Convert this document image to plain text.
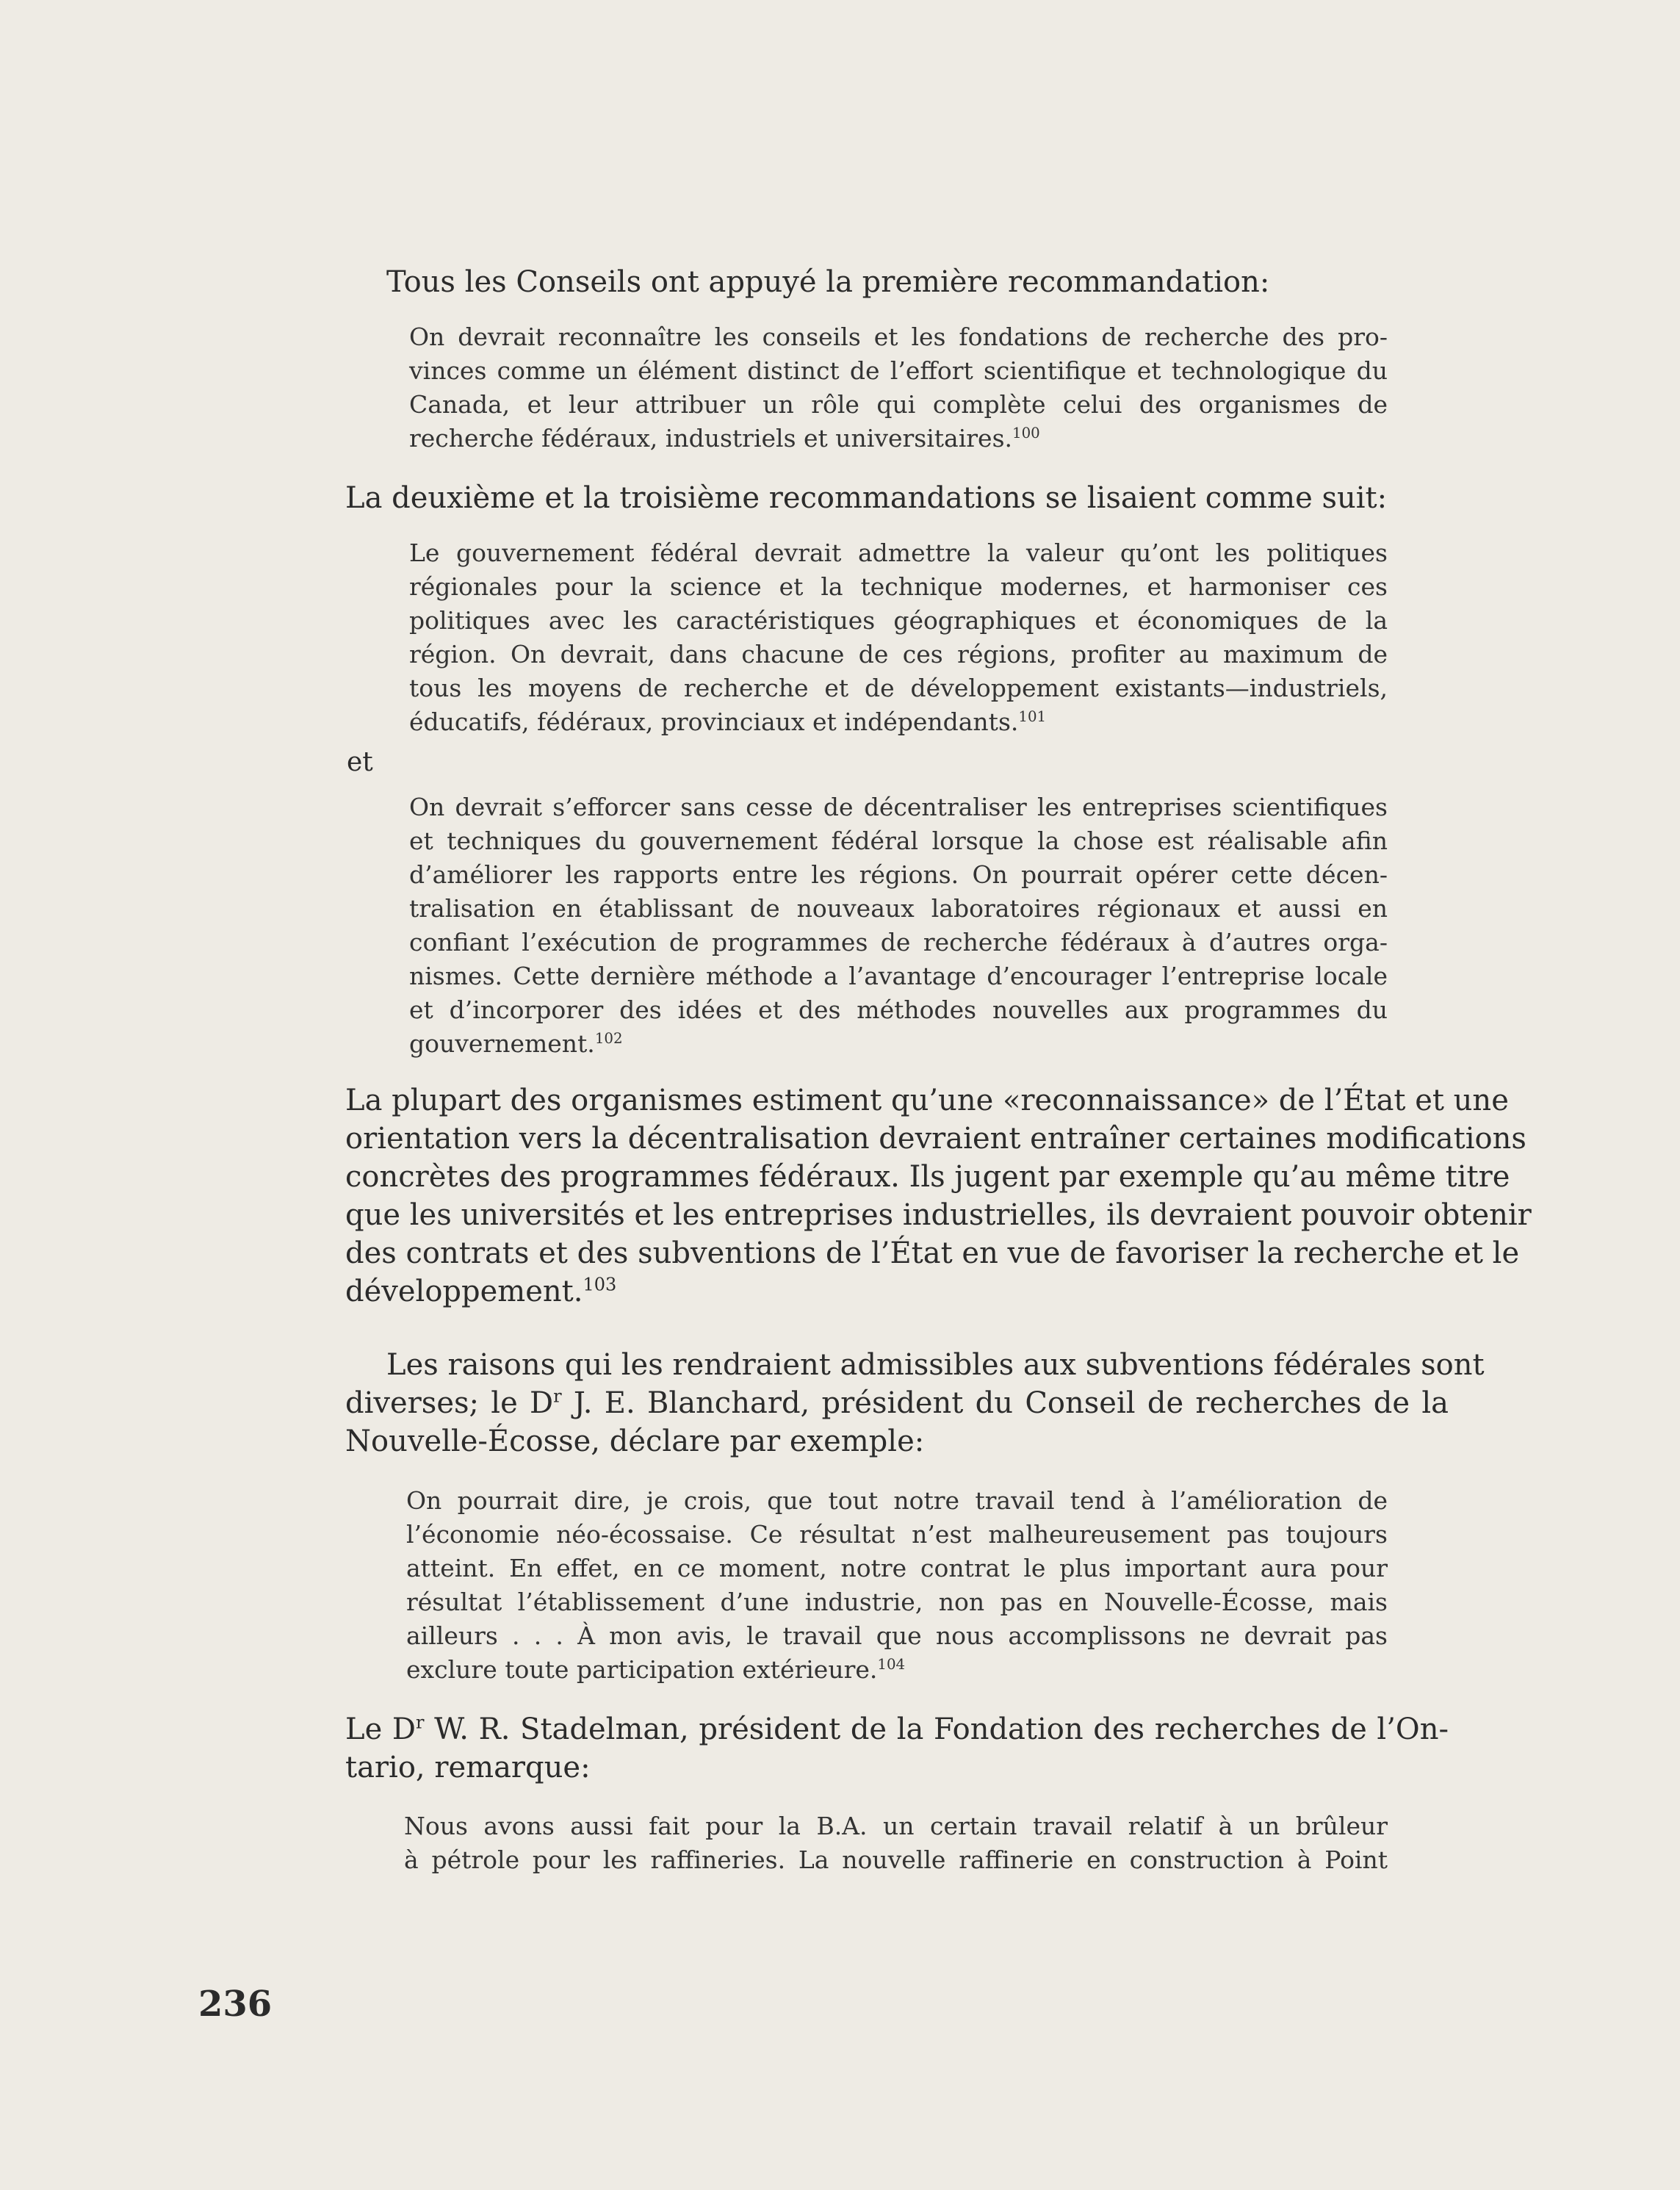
Tous les Conseils ont appuyé la première recommandation:
On devrait reconnaître les conseils et les fondations de recherche des pro-
vinces comme un élément distinct de l’effort scientifique et technologique du
Canada, et leur attribuer un rôle qui complète celui des organismes de
recherche fédéraux, industriels et universitaires.$^{100}$
La deuxième et la troisième recommandations se lisaient comme suit:
Le gouvernement fédéral devrait admettre la valeur qu’ont les politiques
régionales pour la science et la technique modernes, et harmoniser ces
politiques avec les caractéristiques géographiques et économiques de la
région. On devrait, dans chacune de ces régions, profiter au maximum de
tous les moyens de recherche et de développement existants—industriels,
éducatifs, fédéraux, provinciaux et indépendants.$^{101}$
et
On devrait s’efforcer sans cesse de décentraliser les entreprises scientifiques
et techniques du gouvernement fédéral lorsque la chose est réalisable afin
d’améliorer les rapports entre les régions. On pourrait opérer cette décen-
tralisation en établissant de nouveaux laboratoires régionaux et aussi en
confiant l’exécution de programmes de recherche fédéraux à d’autres orga-
nismes. Cette dernière méthode a l’avantage d’encourager l’entreprise locale
et d’incorporer des idées et des méthodes nouvelles aux programmes du
gouvernement.$^{102}$
La plupart des organismes estiment qu’une «reconnaissance» de l’État et une
orientation vers la décentralisation devraient entraîner certaines modifications
concrètes des programmes fédéraux. Ils jugent par exemple qu’au même titre
que les universités et les entreprises industrielles, ils devraient pouvoir obtenir
des contrats et des subventions de l’État en vue de favoriser la recherche et le
développement.$^{103}$
Les raisons qui les rendraient admissibles aux subventions fédérales sont
diverses; le $D^r$ J. E. Blanchard, président du Conseil de recherches de la
Nouvelle-Écosse, déclare par exemple:
On pourrait dire, je crois, que tout notre travail tend à l’amélioration de
l’économie néo-écossaise. Ce résultat n’est malheureusement pas toujours
atteint. En effet, en ce moment, notre contrat le plus important aura pour
résultat l’établissement d’une industrie, non pas en Nouvelle-Écosse, mais
ailleurs . . . À mon avis, le travail que nous accomplissons ne devrait pas
exclure toute participation extérieure.$^{104}$
Le $D^r$ W. R. Stadelman, président de la Fondation des recherches de l’On-
tario, remarque:
Nous avons aussi fait pour la B.A. un certain travail relatif à un brûleur
à pétrole pour les raffineries. La nouvelle raffinerie en construction à Point
236
